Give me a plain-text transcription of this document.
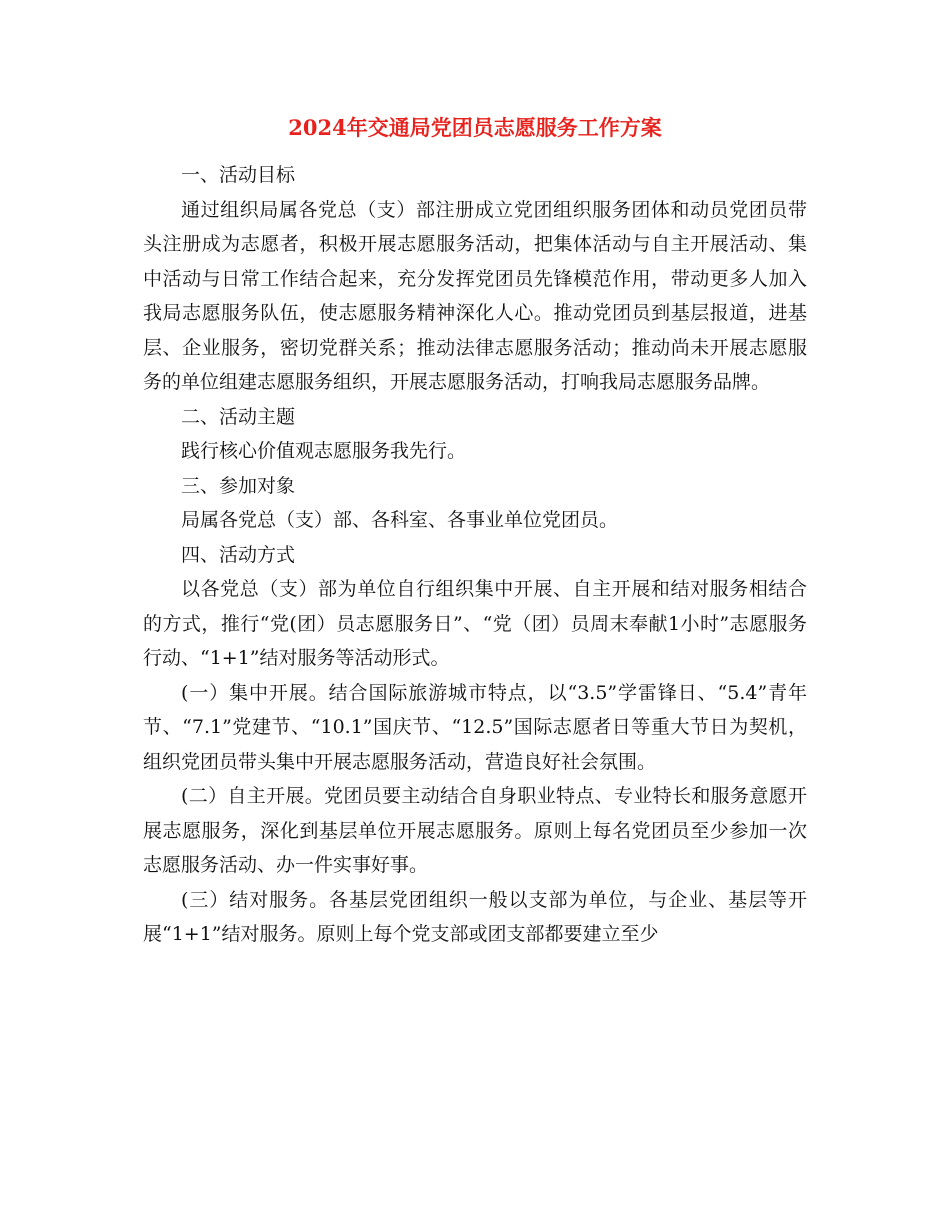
2024年交通局党团员志愿服务工作方案

一、活动目标

通过组织局属各党总（支）部注册成立党团组织服务团体和动员党团员带头注册成为志愿者，积极开展志愿服务活动，把集体活动与自主开展活动、集中活动与日常工作结合起来，充分发挥党团员先锋模范作用，带动更多人加入我局志愿服务队伍，使志愿服务精神深化人心。推动党团员到基层报道，进基层、企业服务，密切党群关系；推动法律志愿服务活动；推动尚未开展志愿服务的单位组建志愿服务组织，开展志愿服务活动，打响我局志愿服务品牌。

二、活动主题

践行核心价值观志愿服务我先行。

三、参加对象

局属各党总（支）部、各科室、各事业单位党团员。

四、活动方式

以各党总（支）部为单位自行组织集中开展、自主开展和结对服务相结合的方式，推行“党(团）员志愿服务日”、“党（团）员周末奉献1小时”志愿服务行动、“1+1”结对服务等活动形式。

(一）集中开展。结合国际旅游城市特点，以“3.5”学雷锋日、“5.4”青年节、“7.1”党建节、“10.1”国庆节、“12.5”国际志愿者日等重大节日为契机，组织党团员带头集中开展志愿服务活动，营造良好社会氛围。

(二）自主开展。党团员要主动结合自身职业特点、专业特长和服务意愿开展志愿服务，深化到基层单位开展志愿服务。原则上每名党团员至少参加一次志愿服务活动、办一件实事好事。

(三）结对服务。各基层党团组织一般以支部为单位，与企业、基层等开展“1+1”结对服务。原则上每个党支部或团支部都要建立至少
